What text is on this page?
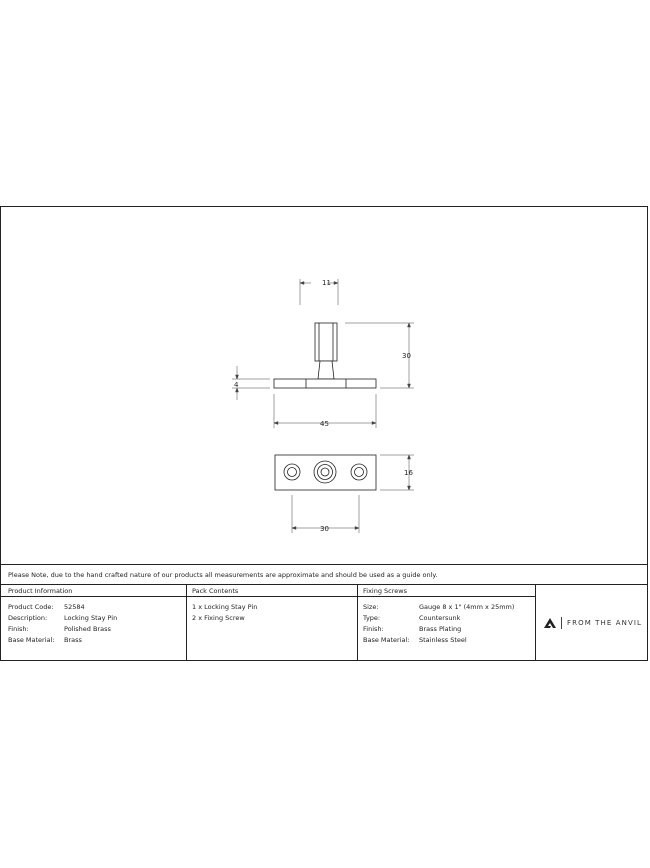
11
30
4
45
16
30
Please Note, due to the hand crafted nature of our products all measurements are approximate and should be used as a guide only.
Product Information
Product Code: 52584
Description:	Locking Stay Pin
Finish:	Polished Brass
Base Material: Brass
Pack Contents
1 x Locking Stay Pin
2 x Fixing Screw
Fixing Screws
Size:	Gauge 8 x 1" (4mm x 25mm)
Type:	Countersunk
Finish:	Brass Plating
Base Material: Stainless Steel
FROM THE ANVIL
